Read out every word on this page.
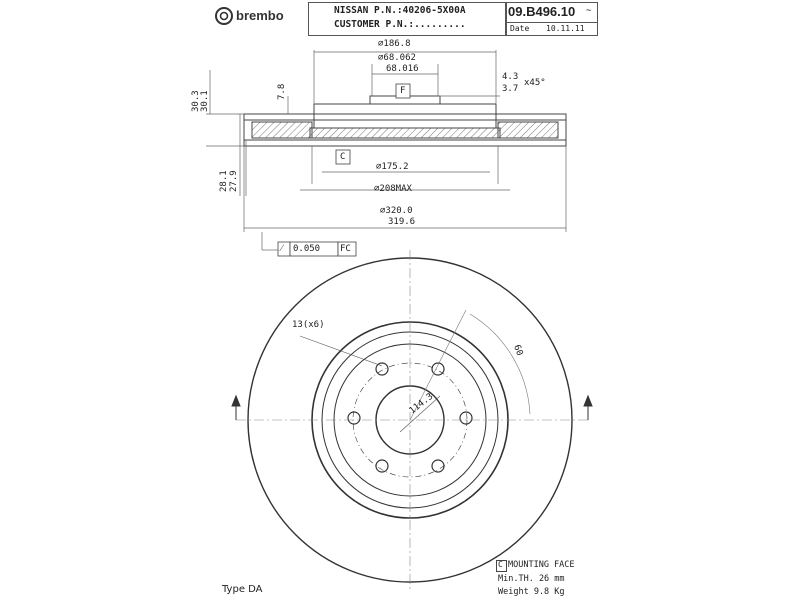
brembo	NISSAN P.N.:40206-5X00A
CUSTOMER P.N.:.........
09.B496.10 ~
Date 10.11.11
30.3 30.1	7.8
28.1 27.9
114.3
60
⌀186.8
⌀68.062
68.016
4.3
3.7
x45°
F
C
⌀175.2
⌀208MAX
⌀320.0
319.6
⁄ 0.050 FC
13(x6)
Type DA
C MOUNTING FACE
Min.TH. 26 mm
Weight 9.8 Kg
